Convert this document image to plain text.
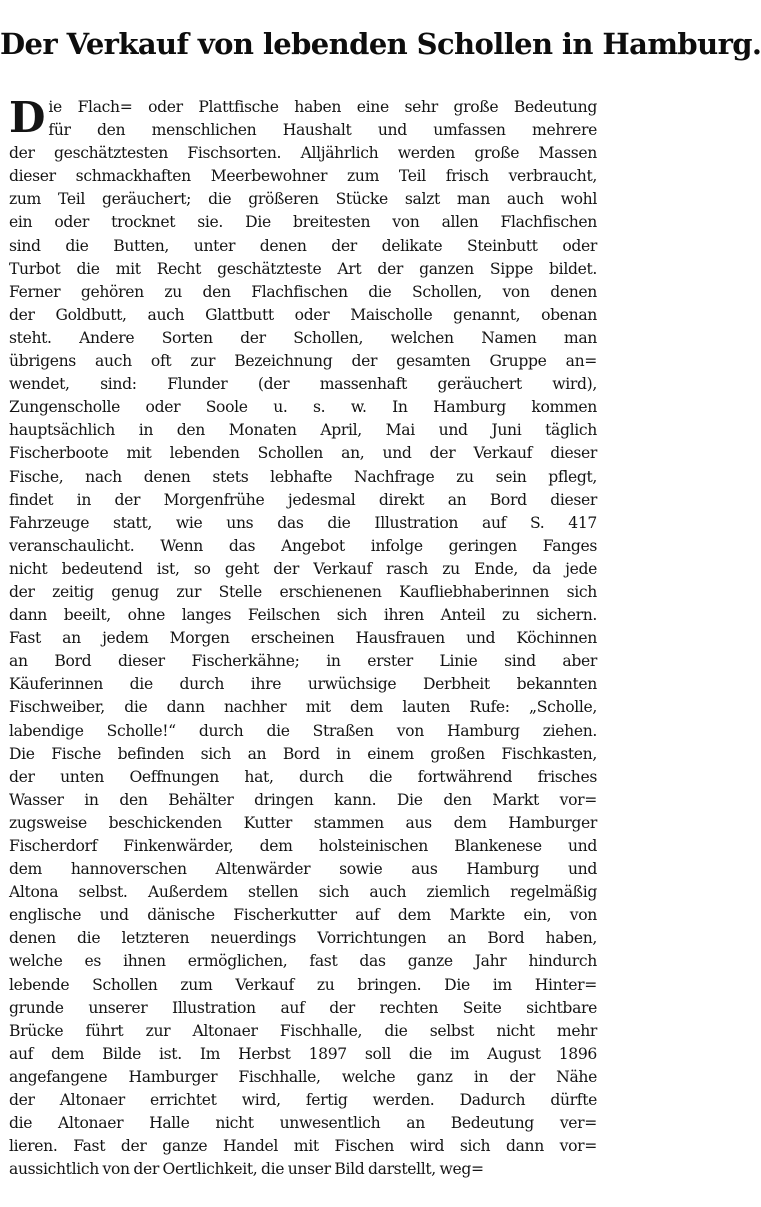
Der Verkauf von lebenden Schollen in Hamburg.
D ie Flach= oder Plattfische haben eine sehr große Bedeutung
für den menschlichen Haushalt und umfassen mehrere
der geschätztesten Fischsorten. Alljährlich werden große Massen
dieser schmackhaften Meerbewohner zum Teil frisch verbraucht,
zum Teil geräuchert; die größeren Stücke salzt man auch wohl
ein oder trocknet sie. Die breitesten von allen Flachfischen
sind die Butten, unter denen der delikate Steinbutt oder
Turbot die mit Recht geschätzteste Art der ganzen Sippe bildet.
Ferner gehören zu den Flachfischen die Schollen, von denen
der Goldbutt, auch Glattbutt oder Maischolle genannt, obenan
steht. Andere Sorten der Schollen, welchen Namen man
übrigens auch oft zur Bezeichnung der gesamten Gruppe an=
wendet, sind: Flunder (der massenhaft geräuchert wird),
Zungenscholle oder Soole u. s. w. In Hamburg kommen
hauptsächlich in den Monaten April, Mai und Juni täglich
Fischerboote mit lebenden Schollen an, und der Verkauf dieser
Fische, nach denen stets lebhafte Nachfrage zu sein pflegt,
findet in der Morgenfrühe jedesmal direkt an Bord dieser
Fahrzeuge statt, wie uns das die Illustration auf S. 417
veranschaulicht. Wenn das Angebot infolge geringen Fanges
nicht bedeutend ist, so geht der Verkauf rasch zu Ende, da jede
der zeitig genug zur Stelle erschienenen Kaufliebhaberinnen sich
dann beeilt, ohne langes Feilschen sich ihren Anteil zu sichern.
Fast an jedem Morgen erscheinen Hausfrauen und Köchinnen
an Bord dieser Fischerkähne; in erster Linie sind aber
Käuferinnen die durch ihre urwüchsige Derbheit bekannten
Fischweiber, die dann nachher mit dem lauten Rufe: „Scholle,
labendige Scholle!“ durch die Straßen von Hamburg ziehen.
Die Fische befinden sich an Bord in einem großen Fischkasten,
der unten Oeffnungen hat, durch die fortwährend frisches
Wasser in den Behälter dringen kann. Die den Markt vor=
zugsweise beschickenden Kutter stammen aus dem Hamburger
Fischerdorf Finkenwärder, dem holsteinischen Blankenese und
dem hannoverschen Altenwärder sowie aus Hamburg und
Altona selbst. Außerdem stellen sich auch ziemlich regelmäßig
englische und dänische Fischerkutter auf dem Markte ein, von
denen die letzteren neuerdings Vorrichtungen an Bord haben,
welche es ihnen ermöglichen, fast das ganze Jahr hindurch
lebende Schollen zum Verkauf zu bringen. Die im Hinter=
grunde unserer Illustration auf der rechten Seite sichtbare
Brücke führt zur Altonaer Fischhalle, die selbst nicht mehr
auf dem Bilde ist. Im Herbst 1897 soll die im August 1896
angefangene Hamburger Fischhalle, welche ganz in der Nähe
der Altonaer errichtet wird, fertig werden. Dadurch dürfte
die Altonaer Halle nicht unwesentlich an Bedeutung ver=
lieren. Fast der ganze Handel mit Fischen wird sich dann vor=
aussichtlich von der Oertlichkeit, die unser Bild darstellt, weg=
